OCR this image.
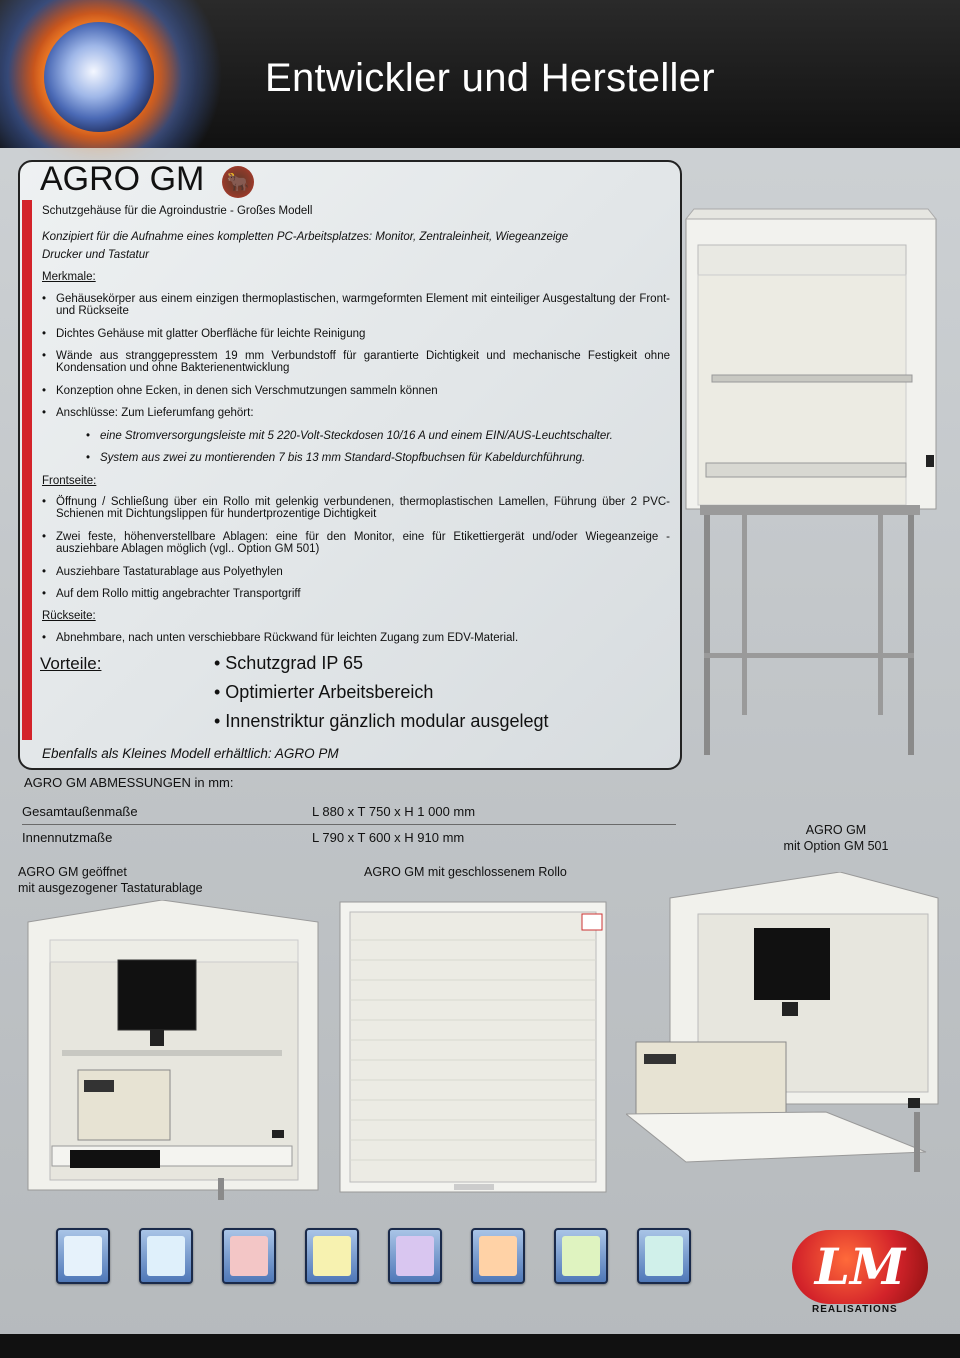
Entwickler und Hersteller
AGRO GM 🐂
Schutzgehäuse für die Agroindustrie - Großes Modell
Konzipiert für die Aufnahme eines kompletten PC-Arbeitsplatzes: Monitor, Zentraleinheit, Wiegeanzeige
Drucker und Tastatur
Merkmale:
• Gehäusekörper aus einem einzigen thermoplastischen, warmgeformten Element mit einteiliger Ausgestaltung der Front- und Rückseite
• Dichtes Gehäuse mit glatter Oberfläche für leichte Reinigung
• Wände aus stranggepresstem 19 mm Verbundstoff für garantierte Dichtigkeit und mechanische Festigkeit ohne Kondensation und ohne Bakterienentwicklung
• Konzeption ohne Ecken, in denen sich Verschmutzungen sammeln können
• Anschlüsse: Zum Lieferumfang gehört:
• eine Stromversorgungsleiste mit 5 220-Volt-Steckdosen 10/16 A und einem EIN/AUS-Leuchtschalter.
• System aus zwei zu montierenden 7 bis 13 mm Standard-Stopfbuchsen für Kabeldurchführung.
Frontseite:
• Öffnung / Schließung über ein Rollo mit gelenkig verbundenen, thermoplastischen Lamellen, Führung über 2 PVC-Schienen mit Dichtungslippen für hundertprozentige Dichtigkeit
• Zwei feste, höhenverstellbare Ablagen: eine für den Monitor, eine für Etikettiergerät und/oder Wiegeanzeige - ausziehbare Ablagen möglich (vgl.. Option GM 501)
• Ausziehbare Tastaturablage aus Polyethylen
• Auf dem Rollo mittig angebrachter Transportgriff
Rückseite:
• Abnehmbare, nach unten verschiebbare Rückwand für leichten Zugang zum EDV-Material.
Vorteile:	• Schutzgrad IP 65
• Optimierter Arbeitsbereich
• Innenstriktur gänzlich modular ausgelegt
Ebenfalls als Kleines Modell erhältlich: AGRO PM
AGRO GM ABMESSUNGEN in mm:
Gesamtaußenmaße	L 880 x T 750 x H 1 000 mm
Innennutzmaße	L 790 x T 600 x H 910 mm
AGRO GM geöffnet
mit ausgezogener Tastaturablage
AGRO GM mit geschlossenem Rollo
AGRO GM
mit Option GM 501
LM
REALISATIONS
